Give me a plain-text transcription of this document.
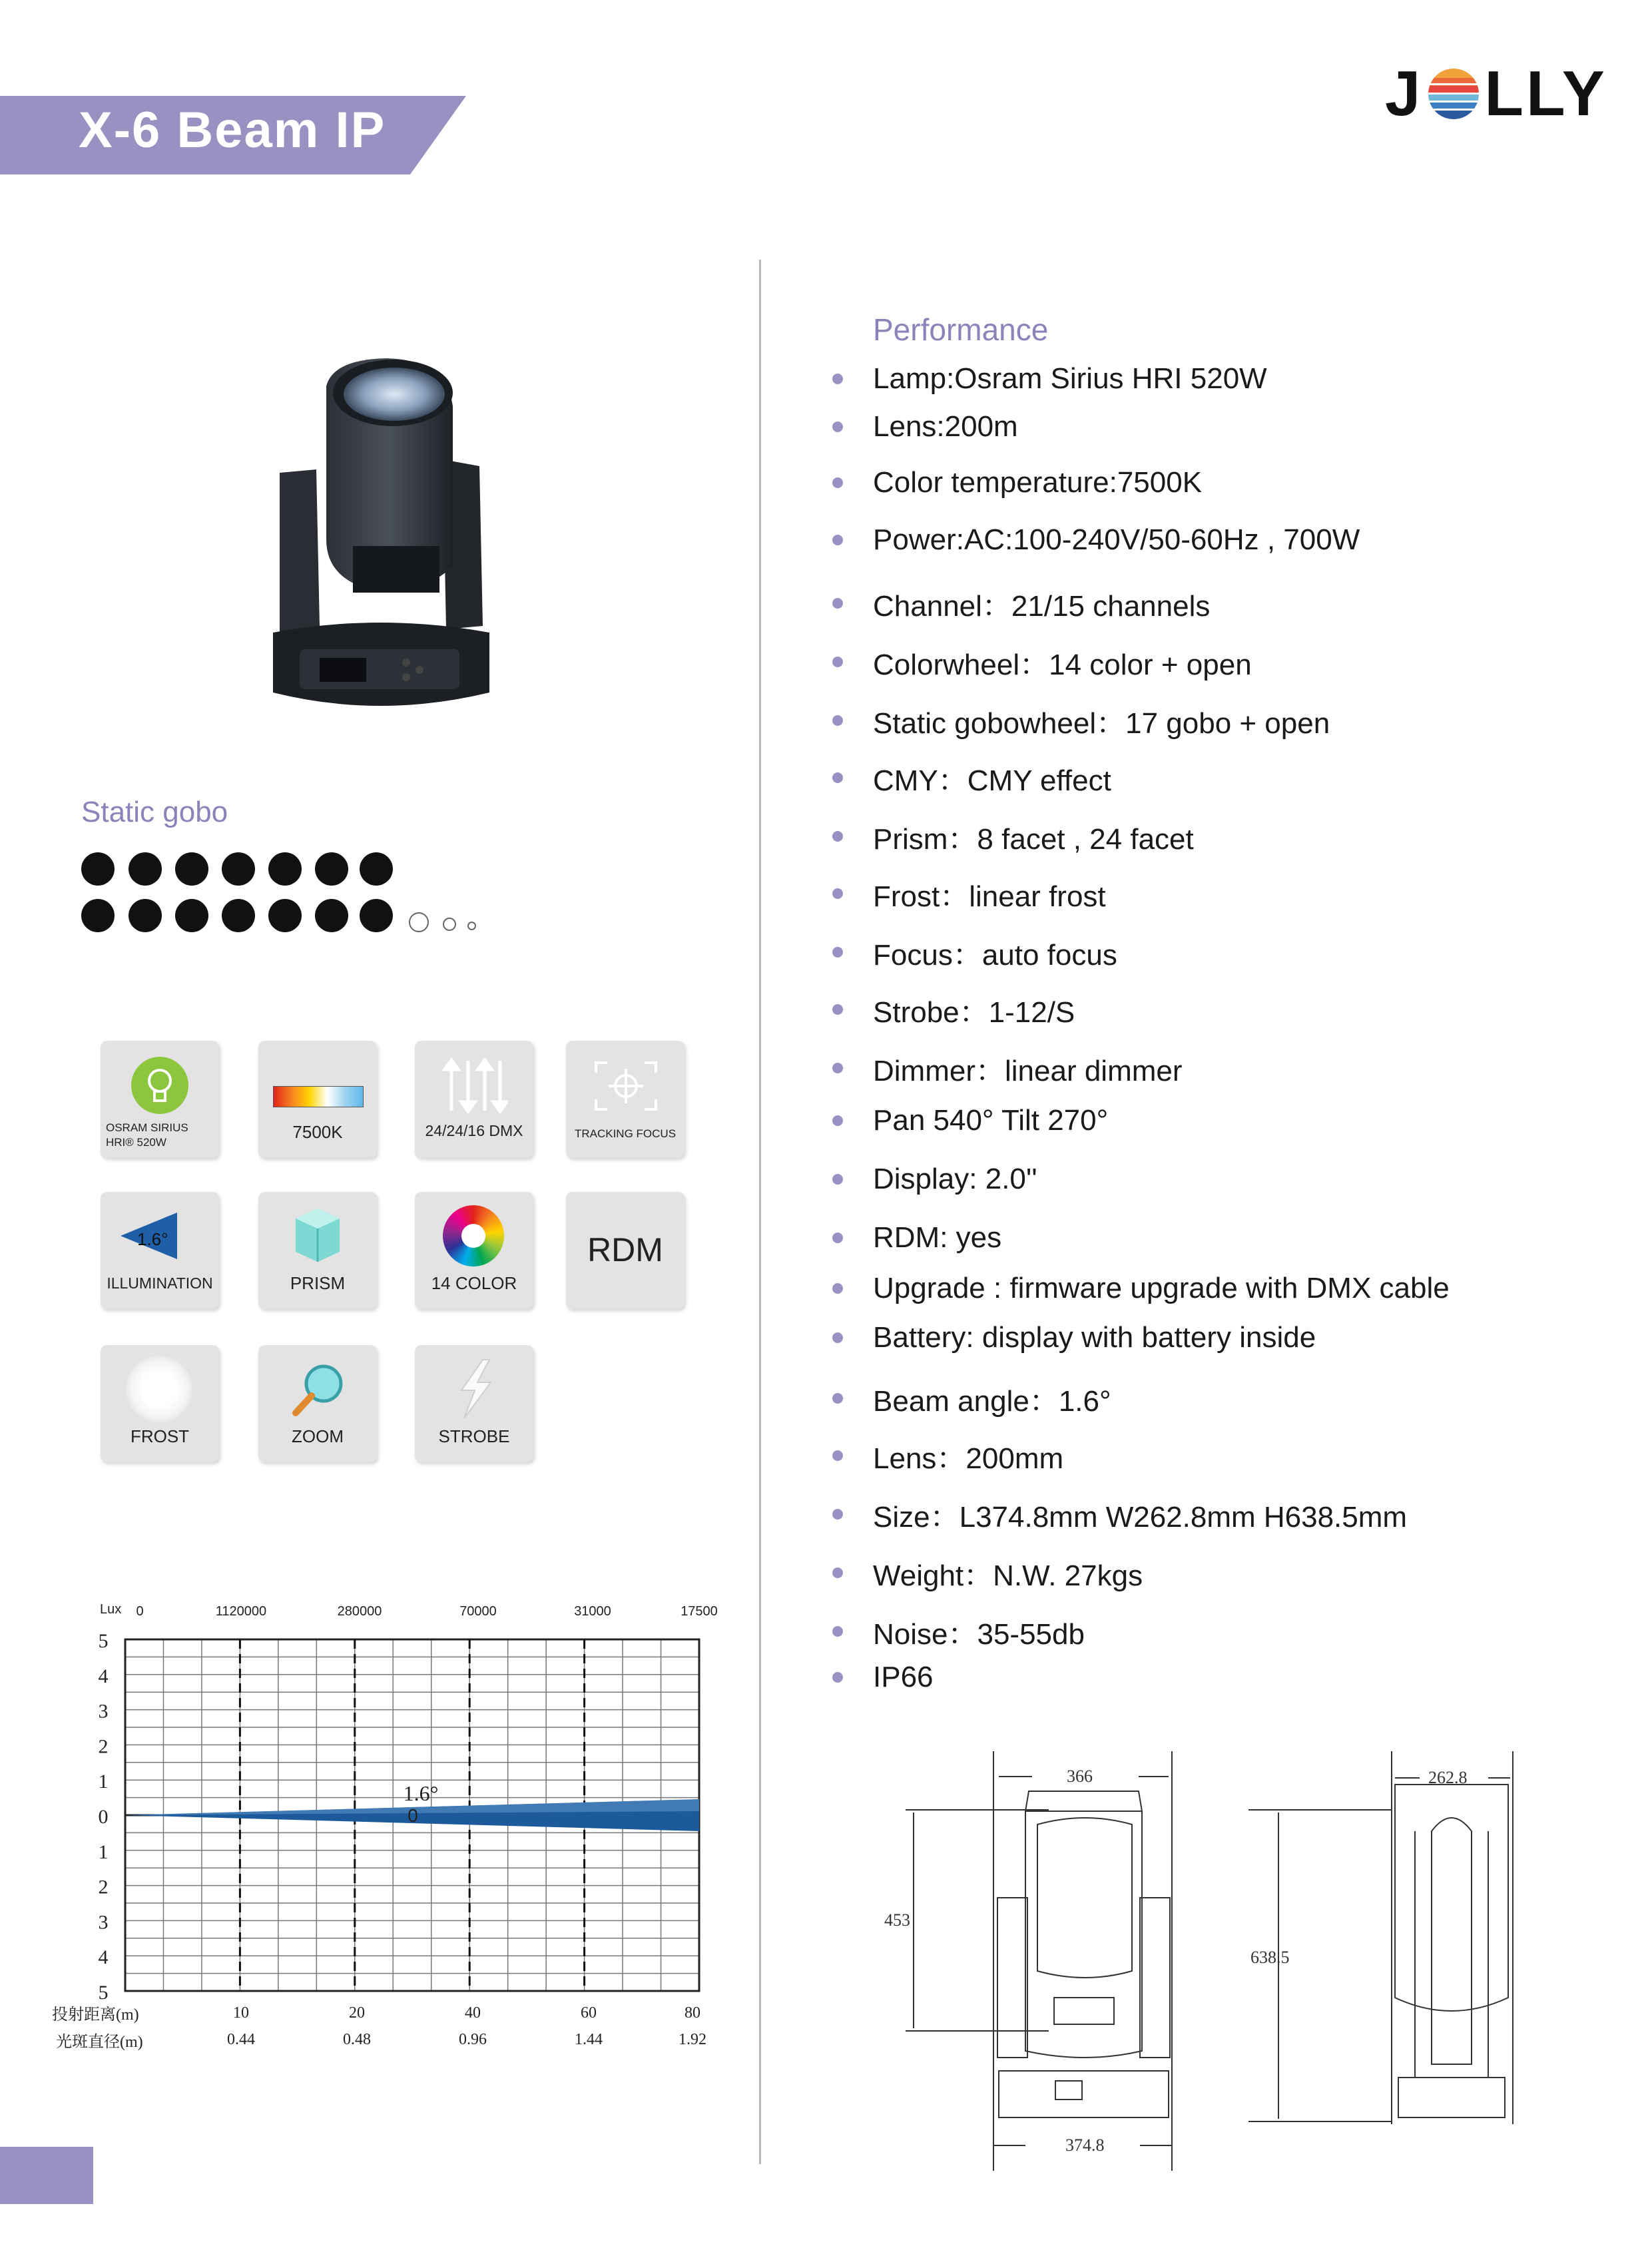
X-6 Beam IP
J LLY
Static gobo
OSRAM SIRIUS HRI® 520W
7500K	24/24/16 DMX	TRACKING FOCUS
1.6°
ILLUMINATION	PRISM	14 COLOR
RDM
FROST	ZOOM	STROBE
Performance
Lamp:Osram Sirius HRI 520W
Lens:200m
Color temperature:7500K
Power:AC:100-240V/50-60Hz , 700W
Channel：21/15 channels
Colorwheel：14 color + open
Static gobowheel：17 gobo + open
CMY：CMY effect
Prism：8 facet , 24 facet
Frost：linear frost
Focus：auto focus
Strobe：1-12/S
Dimmer：linear dimmer
Pan 540° Tilt 270°
Display: 2.0''
RDM: yes
Upgrade : firmware upgrade with DMX cable
Battery: display with battery inside
Beam angle：1.6°
Lens：200mm
Size：L374.8mm W262.8mm H638.5mm
Weight：N.W. 27kgs
Noise：35-55db
IP66
Lux
投射距离(m)
光斑直径(m)
0	1120000	280000	70000	31000	17500
5
4
3
2
1
0
1
2
3
4
5
10	20	40	60	80
0.44	0.48	0.96	1.44	1.92
1.6°
0
366
453
374.8
262.8
638.5
